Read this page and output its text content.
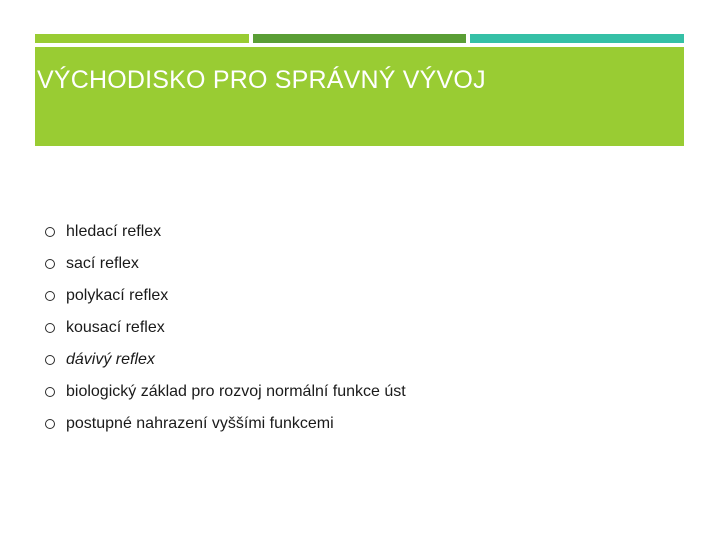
VÝCHODISKO PRO SPRÁVNÝ VÝVOJ
hledací reflex
sací reflex
polykací reflex
kousací reflex
dávivý reflex
biologický základ pro rozvoj normální funkce úst
postupné nahrazení vyššími funkcemi
